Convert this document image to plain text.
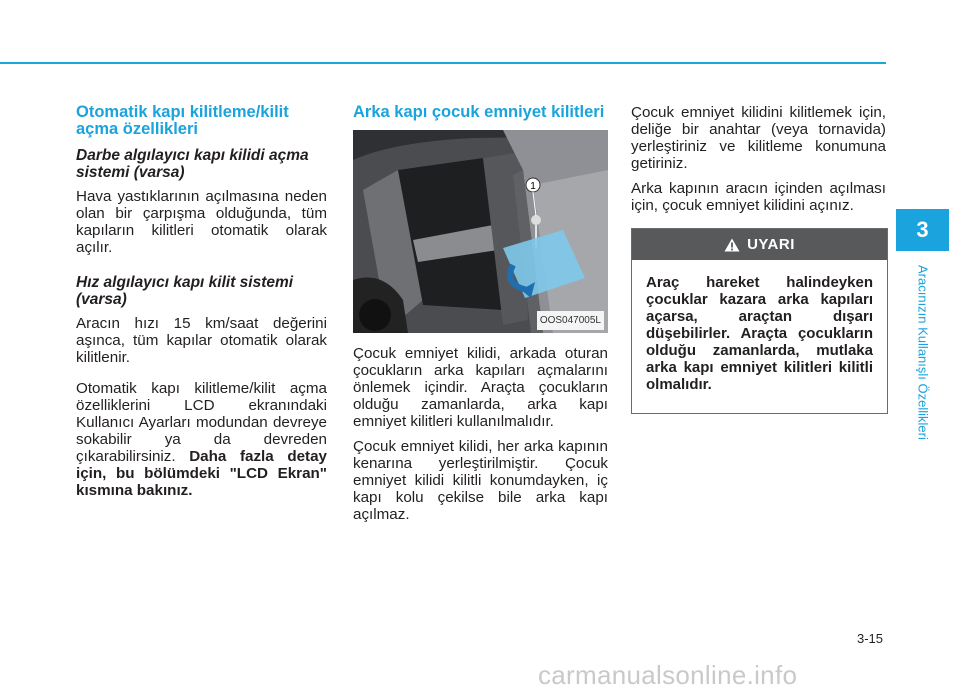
Otomatik kapı kilitleme/kilit açma özellikleri
Darbe algılayıcı kapı kilidi açma sistemi (varsa)

Hava yastıklarının açılmasına neden olan bir çarpışma olduğunda, tüm kapıların kilitleri otomatik olarak açılır.

Hız algılayıcı kapı kilit sistemi (varsa)

Aracın hızı 15 km/saat değerini aşınca, tüm kapılar otomatik olarak kilitlenir.

Otomatik kapı kilitleme/kilit açma özelliklerini LCD ekranındaki Kullanıcı Ayarları modundan devreye sokabilir ya da devreden çıkarabilirsiniz. Daha fazla detay için, bu bölümdeki "LCD Ekran" kısmına bakınız.

Arka kapı çocuk emniyet kilitleri
1
OOS047005L

Çocuk emniyet kilidi, arkada oturan çocukların arka kapıları açmalarını önlemek içindir. Araçta çocukların olduğu zamanlarda, arka kapı emniyet kilitleri kullanılmalıdır.

Çocuk emniyet kilidi, her arka kapının kenarına yerleştirilmiştir. Çocuk emniyet kilidi kilitli konumdayken, iç kapı kolu çekilse bile arka kapı açılmaz.

Çocuk emniyet kilidini kilitlemek için, deliğe bir anahtar (veya tornavida) yerleştiriniz ve kilitleme konumuna getiriniz.

Arka kapının aracın içinden açılması için, çocuk emniyet kilidini açınız.

UYARI
Araç hareket halindeyken çocuklar kazara arka kapıları açarsa, araçtan dışarı düşebilirler. Araçta çocukların olduğu zamanlarda, mutlaka arka kapı emniyet kilitleri kilitli olmalıdır.
3
Aracınızın Kullanışlı Özellikleri
3-15
carmanualsonline.info
